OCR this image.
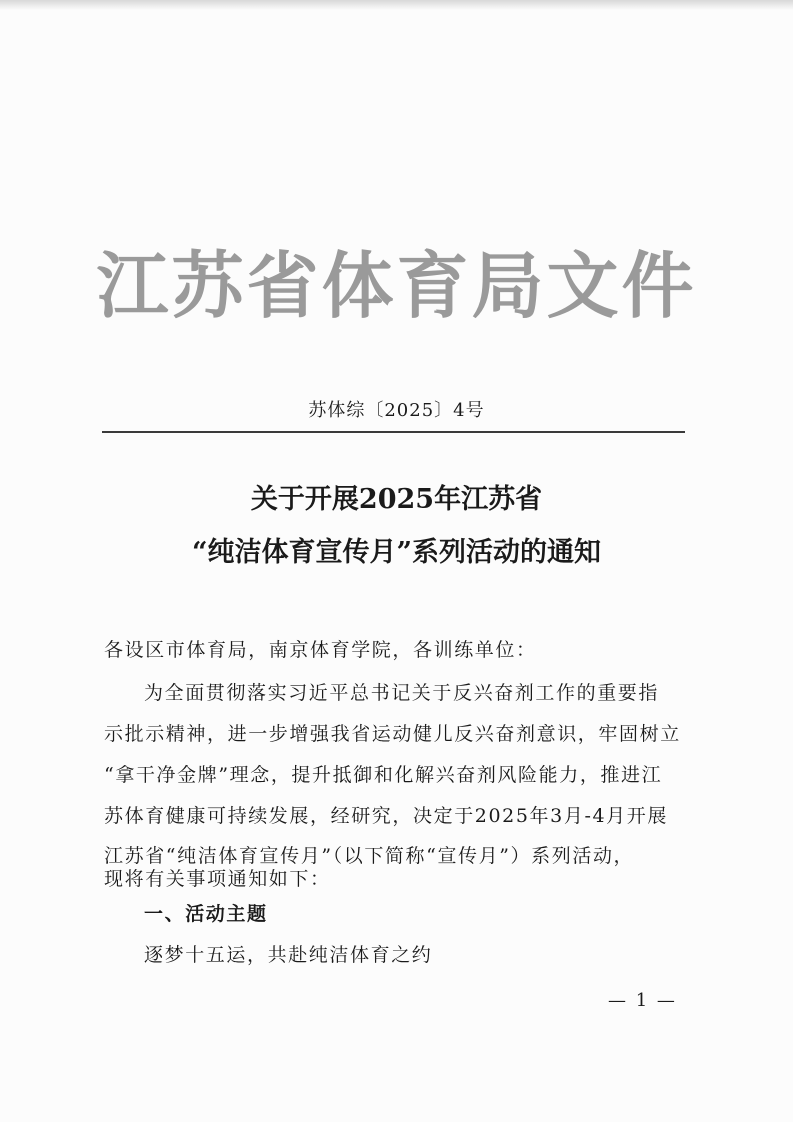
江苏省体育局文件
苏体综〔2025〕4号
关于开展2025年江苏省
“纯洁体育宣传月”系列活动的通知
各设区市体育局，南京体育学院，各训练单位：
为全面贯彻落实习近平总书记关于反兴奋剂工作的重要指
示批示精神，进一步增强我省运动健儿反兴奋剂意识，牢固树立
“拿干净金牌”理念，提升抵御和化解兴奋剂风险能力，推进江
苏体育健康可持续发展，经研究，决定于2025年3月-4月开展
江苏省“纯洁体育宣传月”（以下简称“宣传月”）系列活动，
现将有关事项通知如下：
一、活动主题
逐梦十五运，共赴纯洁体育之约
— 1 —
